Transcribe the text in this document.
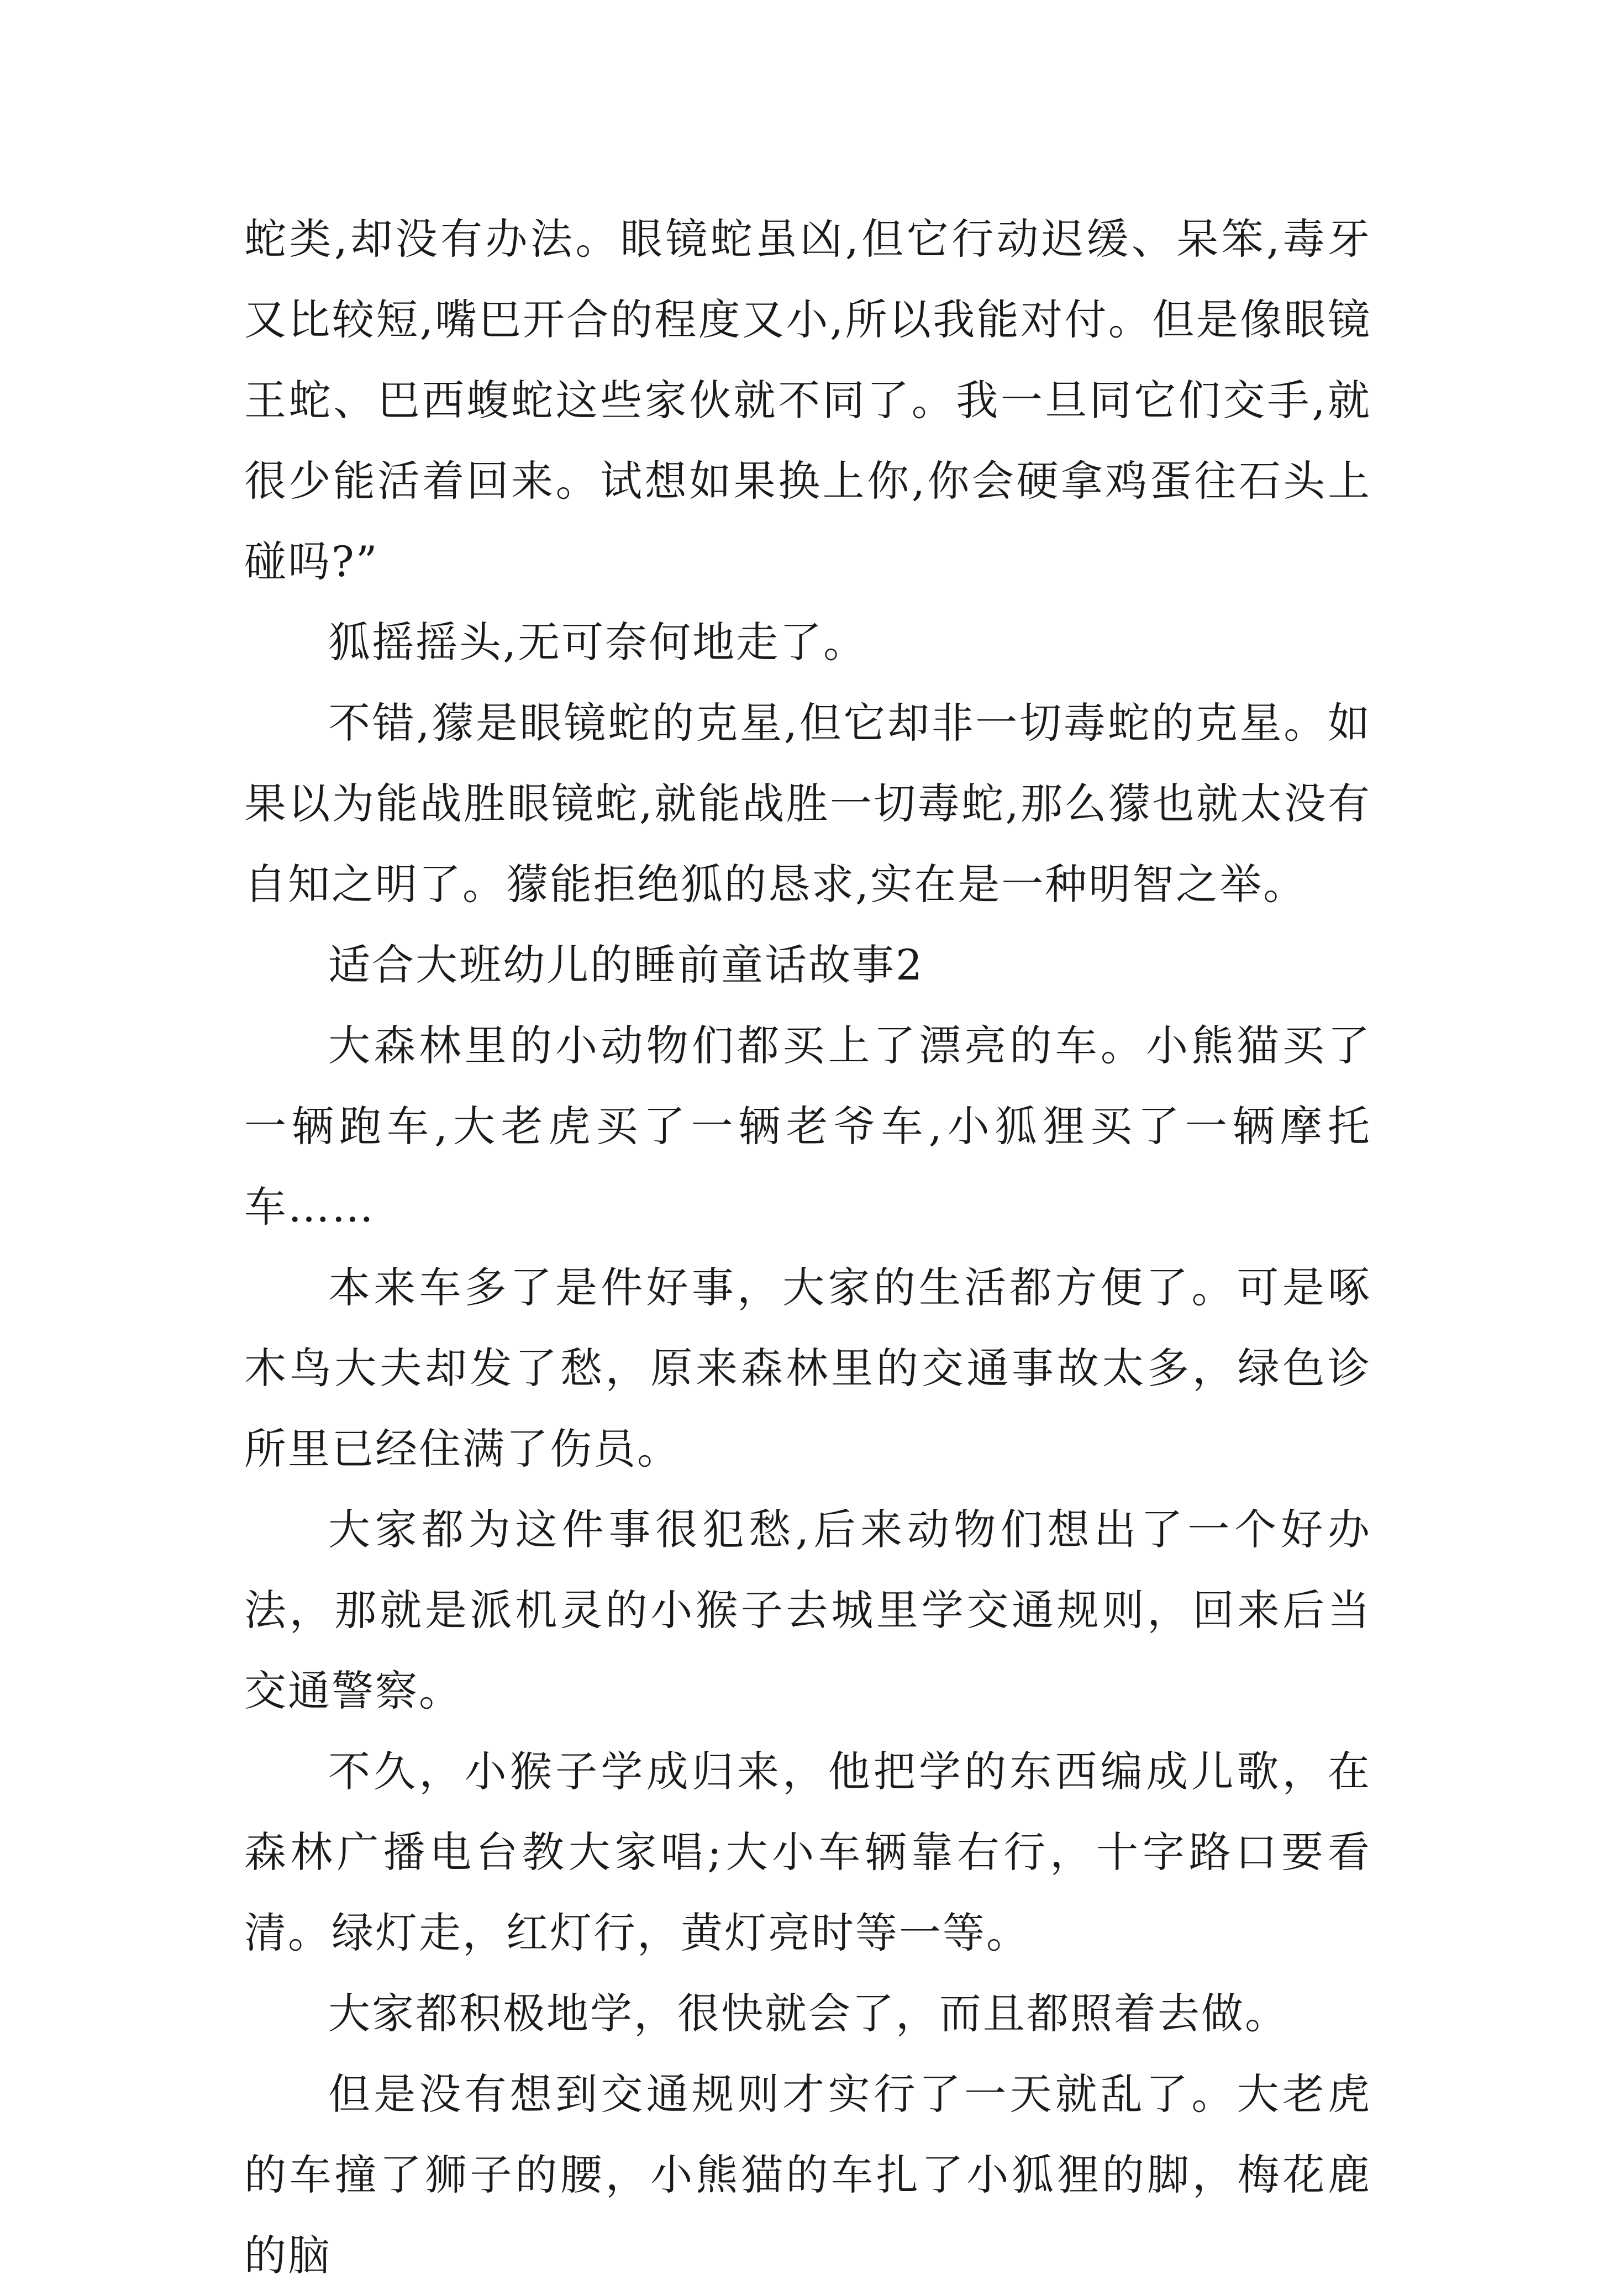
蛇类,却没有办法。眼镜蛇虽凶,但它行动迟缓、呆笨,毒牙又比较短,嘴巴开合的程度又小,所以我能对付。但是像眼镜王蛇、巴西蝮蛇这些家伙就不同了。我一旦同它们交手,就很少能活着回来。试想如果换上你,你会硬拿鸡蛋往石头上碰吗?”

狐摇摇头,无可奈何地走了。

不错,獴是眼镜蛇的克星,但它却非一切毒蛇的克星。如果以为能战胜眼镜蛇,就能战胜一切毒蛇,那么獴也就太没有自知之明了。獴能拒绝狐的恳求,实在是一种明智之举。

适合大班幼儿的睡前童话故事2

大森林里的小动物们都买上了漂亮的车。小熊猫买了一辆跑车,大老虎买了一辆老爷车,小狐狸买了一辆摩托车……

本来车多了是件好事，大家的生活都方便了。可是啄木鸟大夫却发了愁，原来森林里的交通事故太多，绿色诊所里已经住满了伤员。

大家都为这件事很犯愁,后来动物们想出了一个好办法，那就是派机灵的小猴子去城里学交通规则，回来后当交通警察。

不久，小猴子学成归来，他把学的东西编成儿歌，在森林广播电台教大家唱;大小车辆靠右行，十字路口要看清。绿灯走，红灯行，黄灯亮时等一等。

大家都积极地学，很快就会了，而且都照着去做。

但是没有想到交通规则才实行了一天就乱了。大老虎的车撞了狮子的腰，小熊猫的车扎了小狐狸的脚，梅花鹿的脑
